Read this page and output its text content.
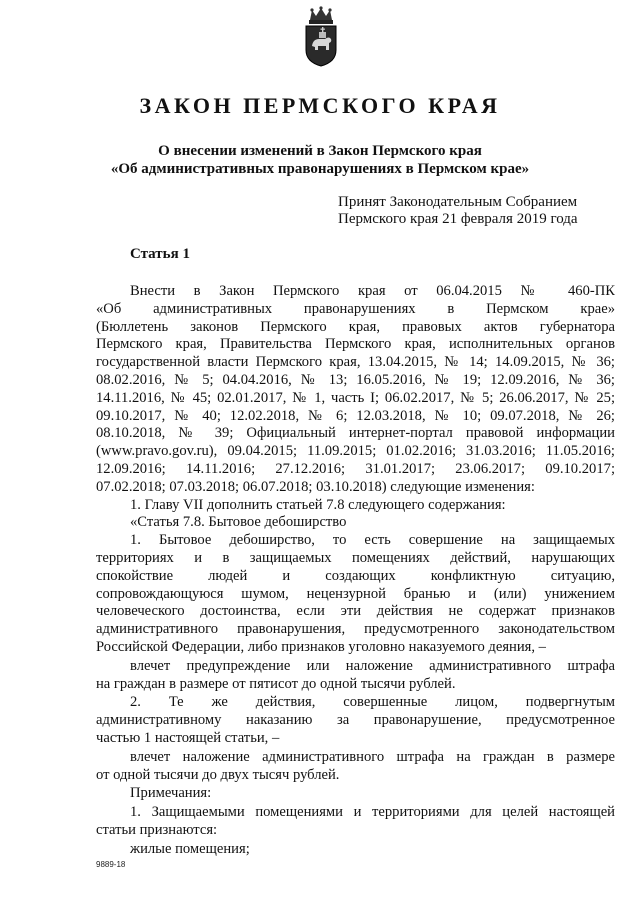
ЗАКОН ПЕРМСКОГО КРАЯ
О внесении изменений в Закон Пермского края
«Об административных правонарушениях в Пермском крае»
Принят Законодательным Собранием
Пермского края 21 февраля 2019 года
Статья 1

Внести в Закон Пермского края от 06.04.2015 № 460-ПК

«Об административных правонарушениях в Пермском крае»

(Бюллетень законов Пермского края, правовых актов губернатора

Пермского края, Правительства Пермского края, исполнительных органов

государственной власти Пермского края, 13.04.2015, № 14; 14.09.2015, № 36;

08.02.2016, № 5; 04.04.2016, № 13; 16.05.2016, № 19; 12.09.2016, № 36;

14.11.2016, № 45; 02.01.2017, № 1, часть I; 06.02.2017, № 5; 26.06.2017, № 25;

09.10.2017, № 40; 12.02.2018, № 6; 12.03.2018, № 10; 09.07.2018, № 26;

08.10.2018, № 39; Официальный интернет-портал правовой информации

(www.pravo.gov.ru), 09.04.2015; 11.09.2015; 01.02.2016; 31.03.2016; 11.05.2016;

12.09.2016; 14.11.2016; 27.12.2016; 31.01.2017; 23.06.2017; 09.10.2017;

07.02.2018; 07.03.2018; 06.07.2018; 03.10.2018) следующие изменения:

1. Главу VII дополнить статьей 7.8 следующего содержания:

«Статья 7.8. Бытовое дебоширство

1. Бытовое дебоширство, то есть совершение на защищаемых

территориях и в защищаемых помещениях действий, нарушающих

спокойствие людей и создающих конфликтную ситуацию,

сопровождающуюся шумом, нецензурной бранью и (или) унижением

человеческого достоинства, если эти действия не содержат признаков

административного правонарушения, предусмотренного законодательством

Российской Федерации, либо признаков уголовно наказуемого деяния, –

влечет предупреждение или наложение административного штрафа

на граждан в размере от пятисот до одной тысячи рублей.

2. Те же действия, совершенные лицом, подвергнутым

административному наказанию за правонарушение, предусмотренное

частью 1 настоящей статьи, –

влечет наложение административного штрафа на граждан в размере

от одной тысячи до двух тысяч рублей.

Примечания:

1. Защищаемыми помещениями и территориями для целей настоящей

статьи признаются:

жилые помещения;

9889-18
